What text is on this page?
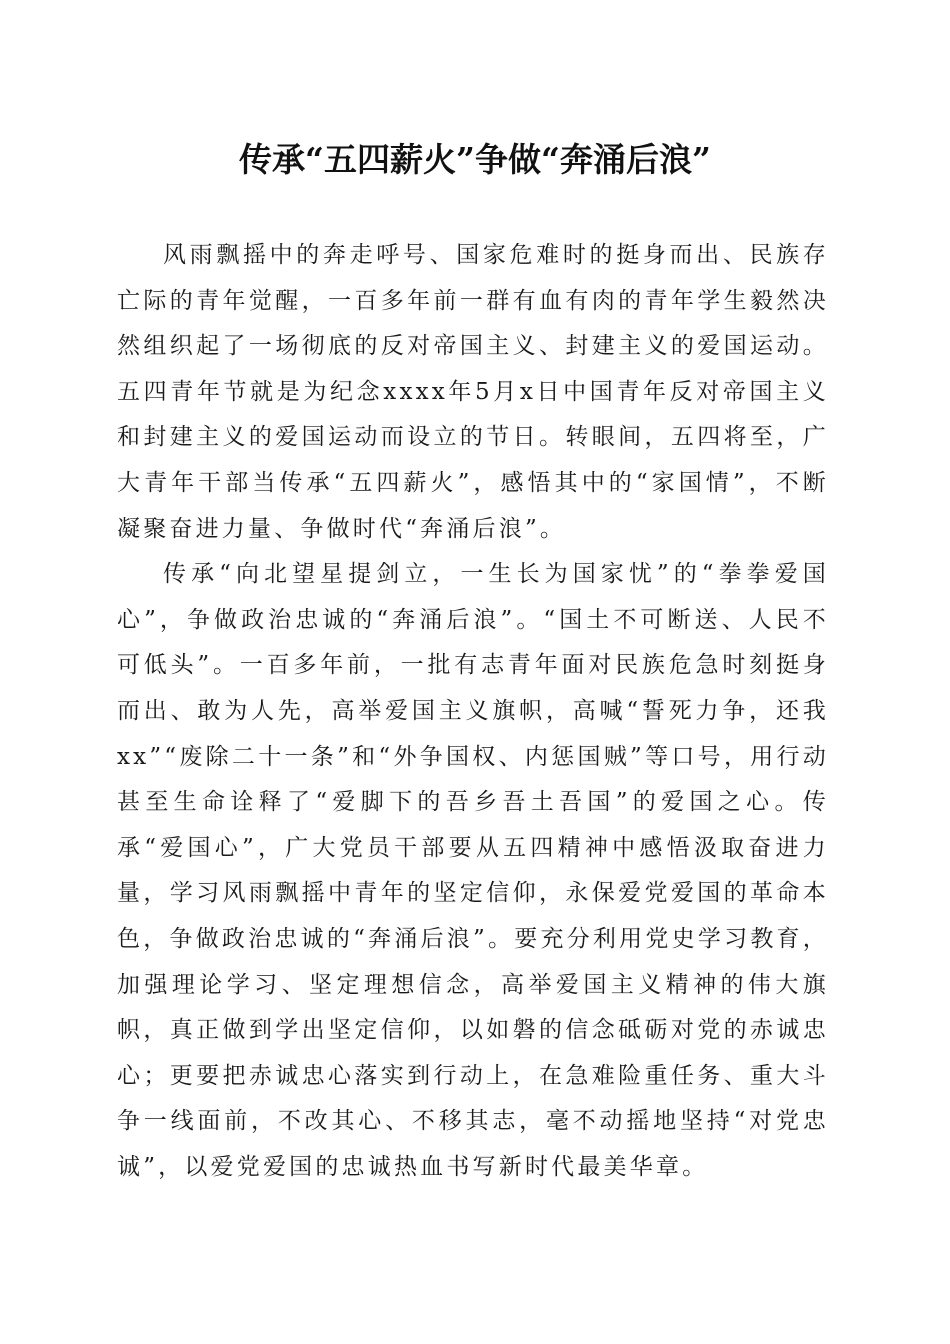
传承“五四薪火”争做“奔涌后浪”

风雨飘摇中的奔走呼号、国家危难时的挺身而出、民族存亡际的青年觉醒，一百多年前一群有血有肉的青年学生毅然决然组织起了一场彻底的反对帝国主义、封建主义的爱国运动。五四青年节就是为纪念xxxx年5月x日中国青年反对帝国主义和封建主义的爱国运动而设立的节日。转眼间，五四将至，广大青年干部当传承“五四薪火”，感悟其中的“家国情”，不断凝聚奋进力量、争做时代“奔涌后浪”。

传承“向北望星提剑立，一生长为国家忧”的“拳拳爱国心”，争做政治忠诚的“奔涌后浪”。“国土不可断送、人民不可低头”。一百多年前，一批有志青年面对民族危急时刻挺身而出、敢为人先，高举爱国主义旗帜，高喊“誓死力争，还我xx”“废除二十一条”和“外争国权、内惩国贼”等口号，用行动甚至生命诠释了“爱脚下的吾乡吾土吾国”的爱国之心。传承“爱国心”，广大党员干部要从五四精神中感悟汲取奋进力量，学习风雨飘摇中青年的坚定信仰，永保爱党爱国的革命本色，争做政治忠诚的“奔涌后浪”。要充分利用党史学习教育，加强理论学习、坚定理想信念，高举爱国主义精神的伟大旗帜，真正做到学出坚定信仰，以如磐的信念砥砺对党的赤诚忠心；更要把赤诚忠心落实到行动上，在急难险重任务、重大斗争一线面前，不改其心、不移其志，毫不动摇地坚持“对党忠诚”，以爱党爱国的忠诚热血书写新时代最美华章。
